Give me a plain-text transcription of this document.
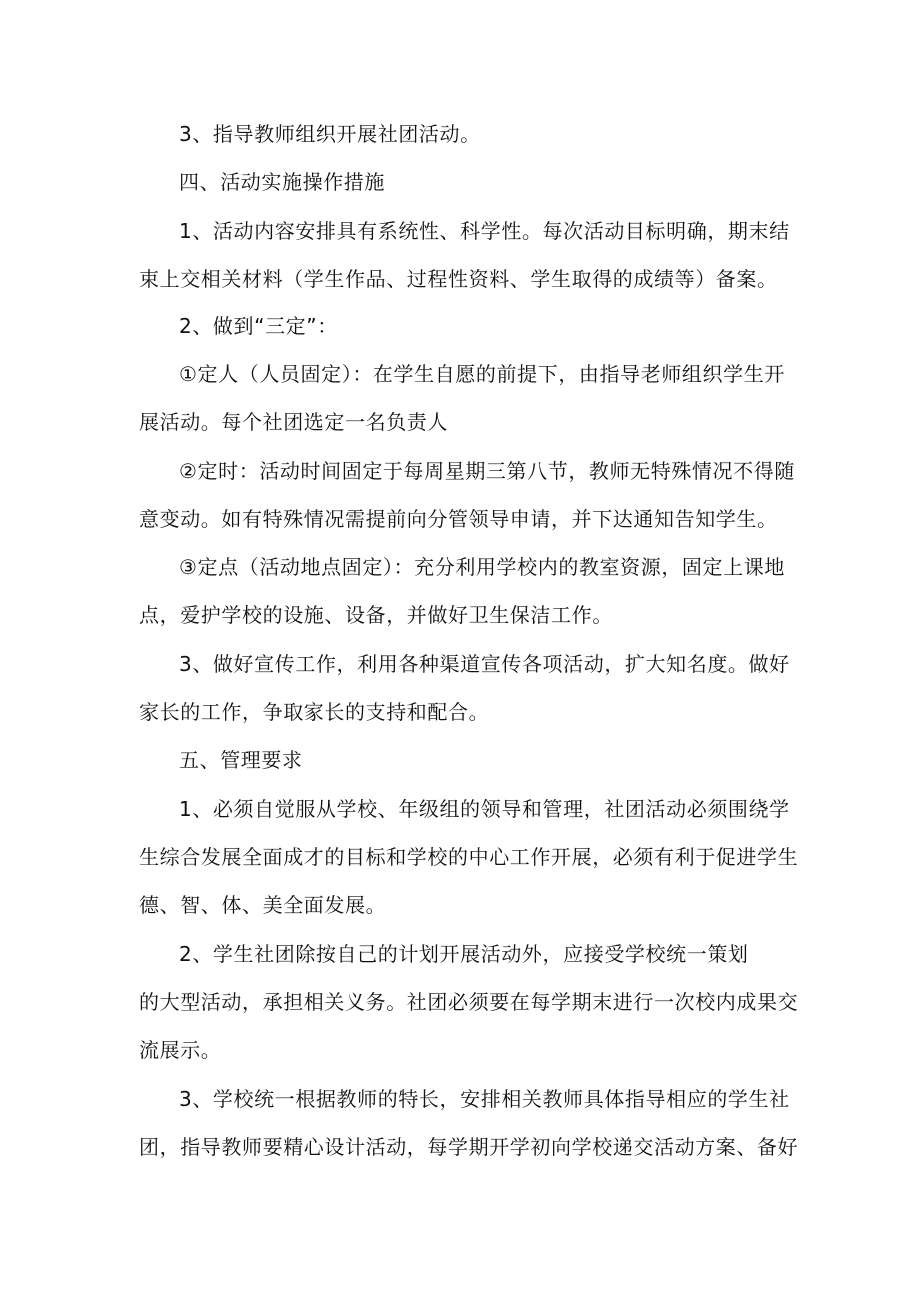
3、指导教师组织开展社团活动。
四、活动实施操作措施
1、活动内容安排具有系统性、科学性。每次活动目标明确，期末结
束上交相关材料（学生作品、过程性资料、学生取得的成绩等）备案。
2、做到“三定”：
①定人（人员固定）：在学生自愿的前提下，由指导老师组织学生开
展活动。每个社团选定一名负责人
②定时：活动时间固定于每周星期三第八节，教师无特殊情况不得随
意变动。如有特殊情况需提前向分管领导申请，并下达通知告知学生。
③定点（活动地点固定）：充分利用学校内的教室资源，固定上课地
点，爱护学校的设施、设备，并做好卫生保洁工作。
3、做好宣传工作，利用各种渠道宣传各项活动，扩大知名度。做好
家长的工作，争取家长的支持和配合。
五、管理要求
1、必须自觉服从学校、年级组的领导和管理，社团活动必须围绕学
生综合发展全面成才的目标和学校的中心工作开展，必须有利于促进学生
德、智、体、美全面发展。
2、学生社团除按自己的计划开展活动外，应接受学校统一策划
的大型活动，承担相关义务。社团必须要在每学期末进行一次校内成果交
流展示。
3、学校统一根据教师的特长，安排相关教师具体指导相应的学生社
团，指导教师要精心设计活动，每学期开学初向学校递交活动方案、备好
